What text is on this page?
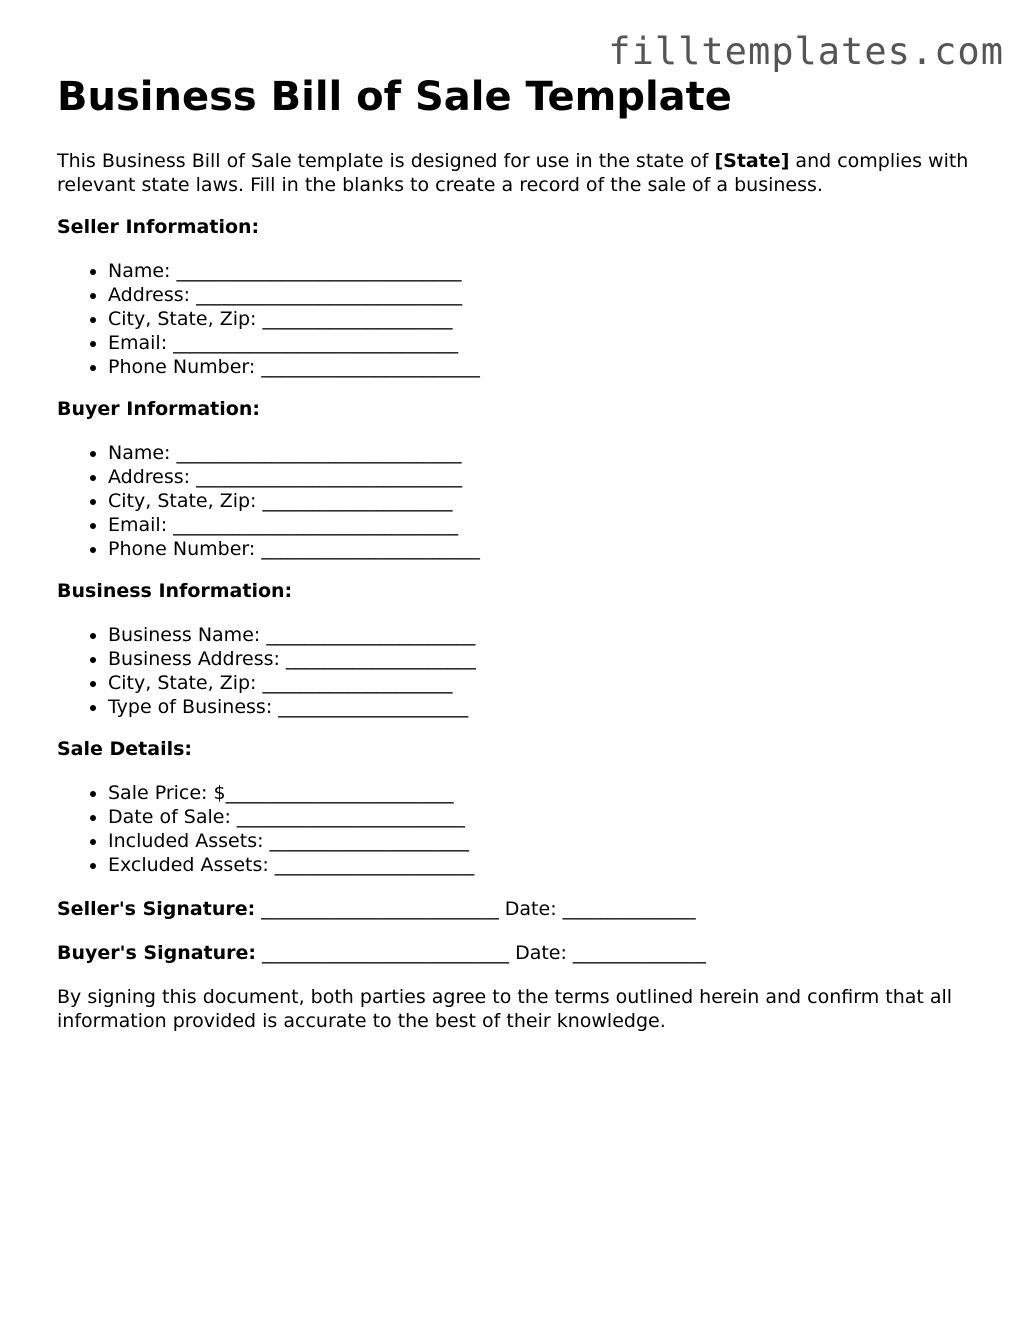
filltemplates.com
Business Bill of Sale Template

This Business Bill of Sale template is designed for use in the state of [State] and complies with relevant state laws. Fill in the blanks to create a record of the sale of a business.

Seller Information:

• Name: ______________________________
• Address: ____________________________
• City, State, Zip: ____________________
• Email: ______________________________
• Phone Number: _______________________

Buyer Information:

• Name: ______________________________
• Address: ____________________________
• City, State, Zip: ____________________
• Email: ______________________________
• Phone Number: _______________________

Business Information:

• Business Name: ______________________
• Business Address: ____________________
• City, State, Zip: ____________________
• Type of Business: ____________________

Sale Details:

• Sale Price: $________________________
• Date of Sale: ________________________
• Included Assets: _____________________
• Excluded Assets: _____________________

Seller's Signature: _________________________ Date: ______________

Buyer's Signature: __________________________ Date: ______________

By signing this document, both parties agree to the terms outlined herein and confirm that all information provided is accurate to the best of their knowledge.
